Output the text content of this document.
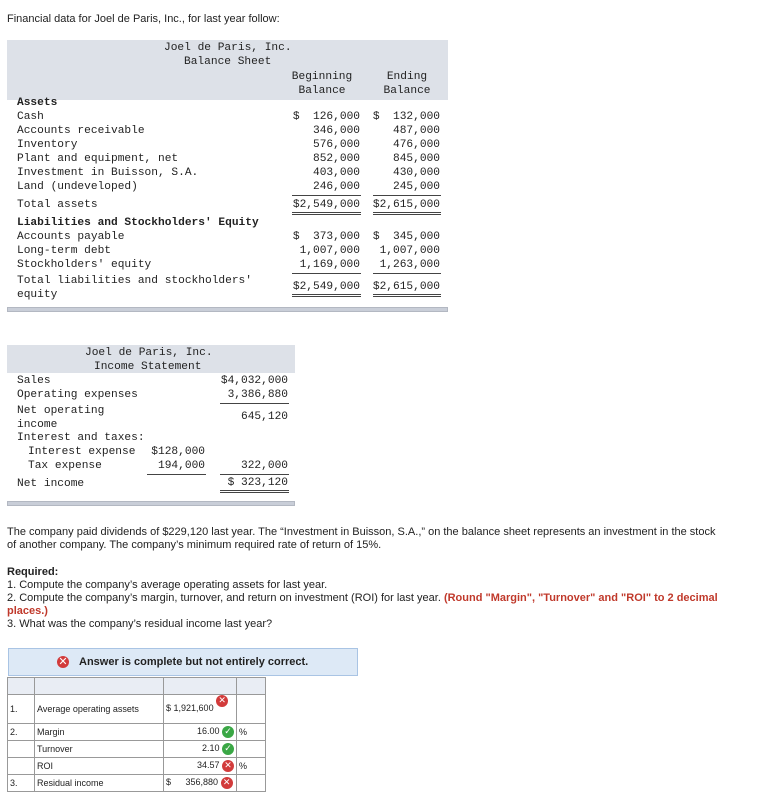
Financial data for Joel de Paris, Inc., for last year follow:
Joel de Paris, Inc.
Balance Sheet
Beginning
Balance
Ending
Balance
Assets
Cash	$  126,000 $  132,000
Accounts receivable	346,000	487,000
Inventory	576,000	476,000
Plant and equipment, net	852,000	845,000
Investment in Buisson, S.A.	403,000	430,000
Land (undeveloped)	246,000	245,000
Total assets	$2,549,000 $2,615,000
Liabilities and Stockholders' Equity
Accounts payable	$  373,000 $  345,000
Long-term debt	1,007,000 1,007,000
Stockholders' equity	1,169,000 1,263,000
Total liabilities and stockholders'
equity
$2,549,000 $2,615,000
Joel de Paris, Inc.
Income Statement
Sales	$4,032,000
Operating expenses	3,386,880
Net operating
income
645,120
Interest and taxes:
Interest expense $128,000
Tax expense	194,000	322,000
Net income	$ 323,120
The company paid dividends of $229,120 last year. The “Investment in Buisson, S.A.,” on the balance sheet represents an investment in the stock of another company. The company’s minimum required rate of return of 15%.
Required:
1. Compute the company’s average operating assets for last year.
2. Compute the company’s margin, turnover, and return on investment (ROI) for last year. (Round "Margin", "Turnover" and "ROI" to 2 decimal places.)
3. What was the company’s residual income last year?
✕ Answer is complete but not entirely correct.

1.	Average operating assets	$ 1,921,600 ✕	
2.	Margin	16.00 ✓	%
	Turnover	2.10 ✓	
	ROI	34.57 ✕	%
3.	Residual income	$ 356,880 ✕	
